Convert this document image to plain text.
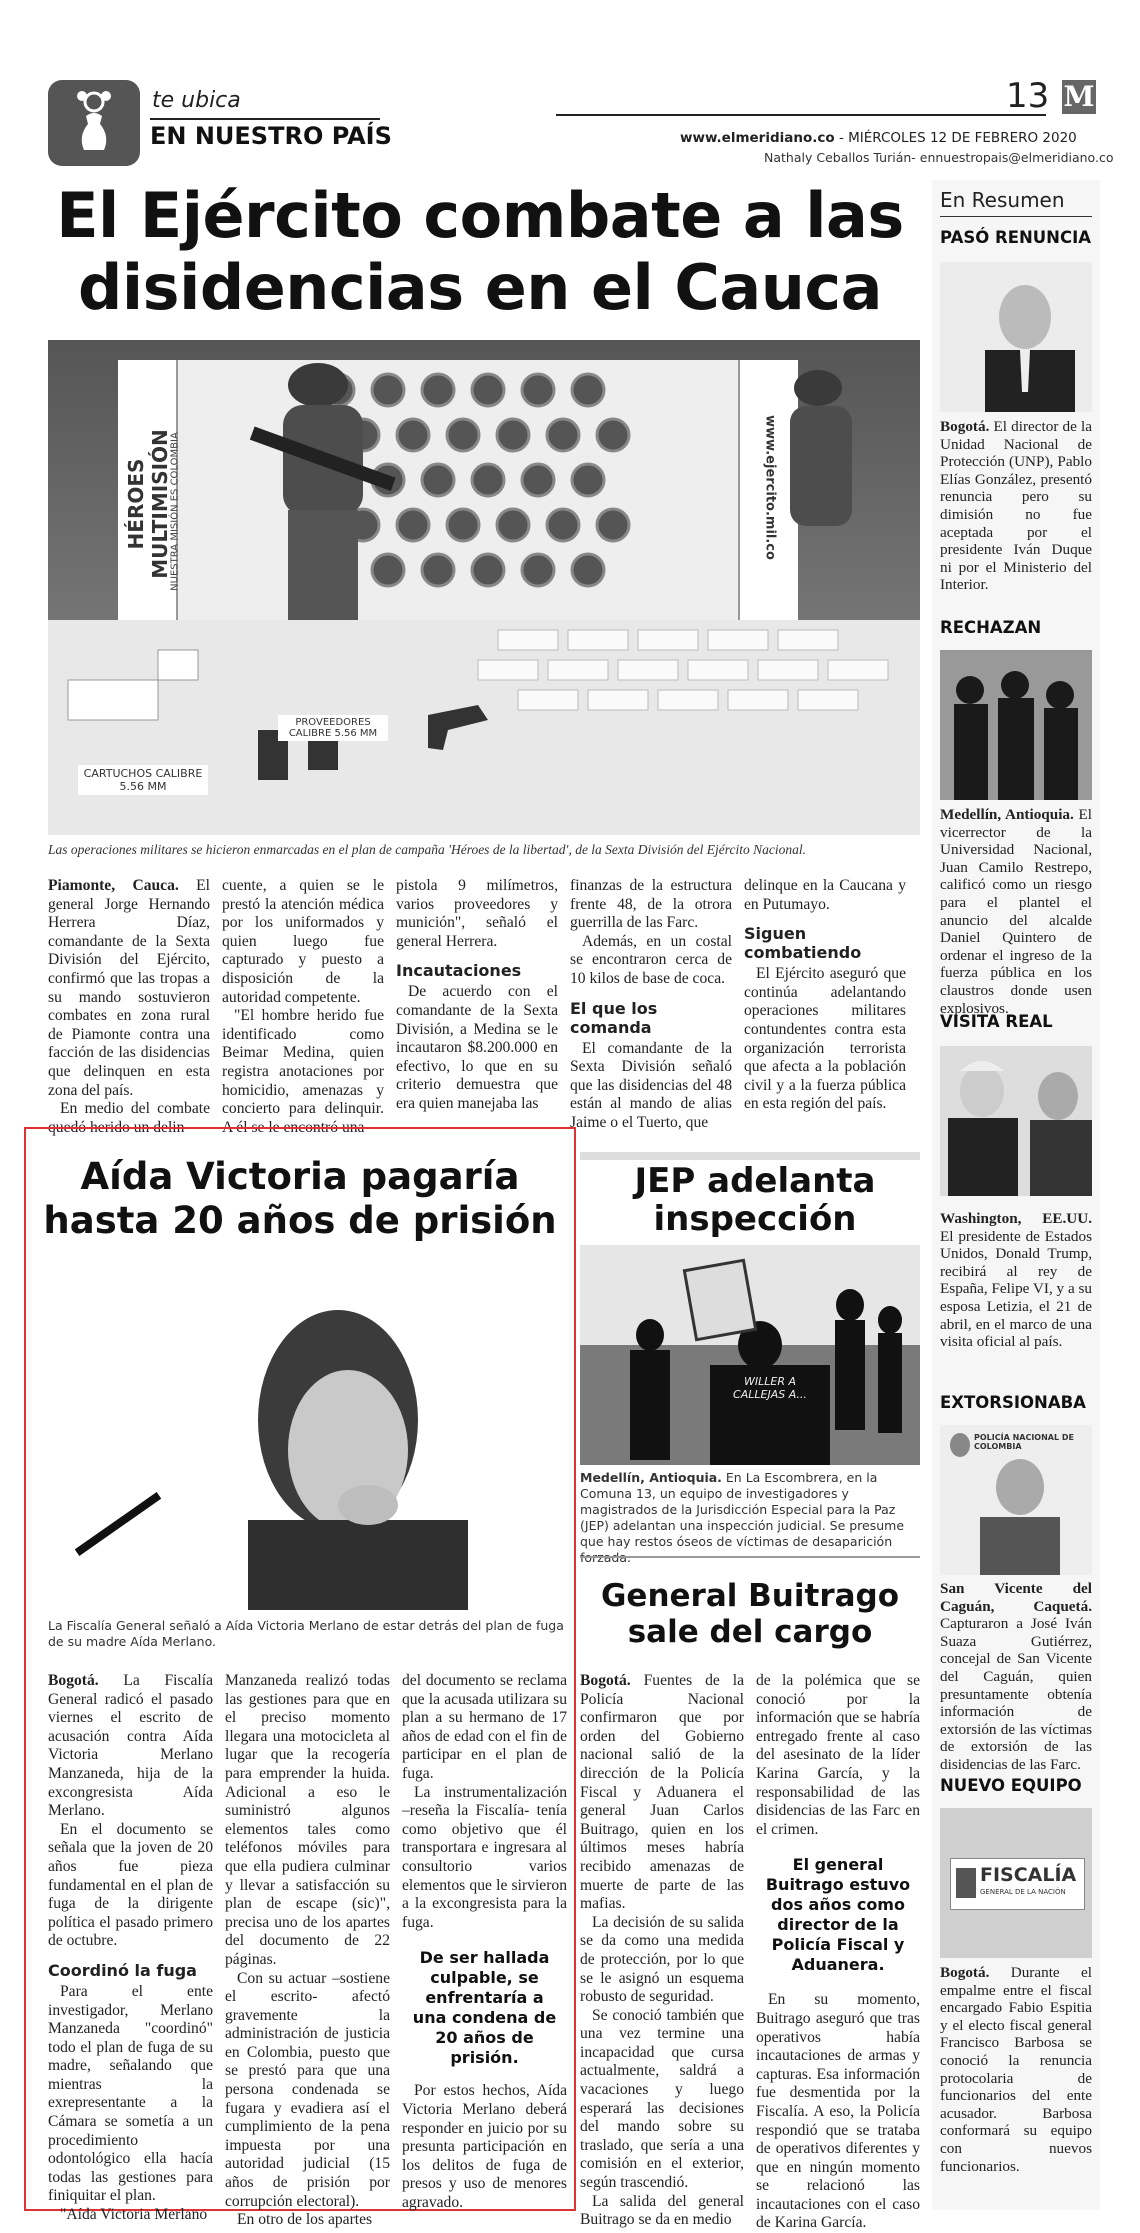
te ubica
EN NUESTRO PAÍS
13 M
www.elmeridiano.co - MIÉRCOLES 12 DE FEBRERO 2020
Nathaly Ceballos Turián- ennuestropais@elmeridiano.co
El Ejército combate a las disidencias en el Cauca
HÉROES MULTIMISIÓN
NUESTRA MISIÓN ES COLOMBIA	www.ejercito.mil.co
CARTUCHOS CALIBRE 5.56 MM
PROVEEDORES CALIBRE 5.56 MM
Las operaciones militares se hicieron enmarcadas en el plan de campaña 'Héroes de la libertad', de la Sexta División del Ejército Nacional.

Piamonte, Cauca. El general Jorge Hernando Herrera Díaz, comandante de la Sexta División del Ejército, confirmó que las tropas a su mando sostuvieron combates en zona rural de Piamonte contra una facción de las disidencias que delinquen en esta zona del país.

En medio del combate quedó herido un delin-

cuente, a quien se le prestó la atención médica por los uniformados y quien luego fue capturado y puesto a disposición de la autoridad competente.

"El hombre herido fue identificado como Beimar Medina, quien registra anotaciones por homicidio, amenazas y concierto para delinquir. A él se le encontró una

pistola 9 milímetros, varios proveedores y munición", señaló el general Herrera.

Incautaciones

De acuerdo con el comandante de la Sexta División, a Medina se le incautaron $8.200.000 en efectivo, lo que en su criterio demuestra que era quien manejaba las

finanzas de la estructura frente 48, de la otrora guerrilla de las Farc.

Además, en un costal se encontraron cerca de 10 kilos de base de coca.

El que los comanda

El comandante de la Sexta División señaló que las disidencias del 48 están al mando de alias Jaime o el Tuerto, que

delinque en la Caucana y en Putumayo.

Siguen combatiendo

El Ejército aseguró que continúa adelantando operaciones militares contundentes contra esta organización terrorista que afecta a la población civil y a la fuerza pública en esta región del país.

Aída Victoria pagaría hasta 20 años de prisión
La Fiscalía General señaló a Aída Victoria Merlano de estar detrás del plan de fuga de su madre Aída Merlano.

Bogotá. La Fiscalía General radicó el pasado viernes el escrito de acusación contra Aída Victoria Merlano Manzaneda, hija de la excongresista Aída Merlano.

En el documento se señala que la joven de 20 años fue pieza fundamental en el plan de fuga de la dirigente política el pasado primero de octubre.

Coordinó la fuga

Para el ente investigador, Merlano Manzaneda "coordinó" todo el plan de fuga de su madre, señalando que mientras la exrepresentante a la Cámara se sometía a un procedimiento odontológico ella hacía todas las gestiones para finiquitar el plan.

"Aída Victoria Merlano

Manzaneda realizó todas las gestiones para que en el preciso momento llegara una motocicleta al lugar que la recogería para emprender la huida. Adicional a eso le suministró algunos elementos tales como teléfonos móviles para que ella pudiera culminar y llevar a satisfacción su plan de escape (sic)", precisa uno de los apartes del documento de 22 páginas.

Con su actuar –sostiene el escrito- afectó gravemente la administración de justicia en Colombia, puesto que se prestó para que una persona condenada se fugara y evadiera así el cumplimiento de la pena impuesta por una autoridad judicial (15 años de prisión por corrupción electoral).

En otro de los apartes

del documento se reclama que la acusada utilizara su plan a su hermano de 17 años de edad con el fin de participar en el plan de fuga.

La instrumentalización –reseña la Fiscalía- tenía como objetivo que él transportara e ingresara al consultorio varios elementos que le sirvieron a la excongresista para la fuga.

De ser hallada culpable, se enfrentaría a una condena de 20 años de prisión.

Por estos hechos, Aída Victoria Merlano deberá responder en juicio por su presunta participación en los delitos de fuga de presos y uso de menores agravado.

JEP adelanta inspección
WILLER A CALLEJAS A...
Medellín, Antioquia. En La Escombrera, en la Comuna 13, un equipo de investigadores y magistrados de la Jurisdicción Especial para la Paz (JEP) adelantan una inspección judicial. Se presume que hay restos óseos de víctimas de desaparición
General Buitrago sale del cargo

Bogotá. Fuentes de la Policía Nacional confirmaron que por orden del Gobierno nacional salió de la dirección de la Policía Fiscal y Aduanera el general Juan Carlos Buitrago, quien en los últimos meses habría recibido amenazas de muerte de parte de las mafias.

La decisión de su salida se da como una medida de protección, por lo que se le asignó un esquema robusto de seguridad.

Se conoció también que una vez termine una incapacidad que cursa actualmente, saldrá a vacaciones y luego esperará las decisiones del mando sobre su traslado, que sería a una comisión en el exterior, según trascendió.

La salida del general Buitrago se da en medio

de la polémica que se conoció por la información que se habría entregado frente al caso del asesinato de la líder Karina García, y la responsabilidad de las disidencias de las Farc en el crimen.

El general Buitrago estuvo dos años como director de la Policía Fiscal y Aduanera.

En su momento, Buitrago aseguró que tras operativos había incautaciones de armas y capturas. Esa información fue desmentida por la Fiscalía. A eso, la Policía respondió que se trataba de operativos diferentes y que en ningún momento se relacionó las incautaciones con el caso de Karina García.

En Resumen
PASÓ RENUNCIA
Bogotá. El director de la Unidad Nacional de Protección (UNP), Pablo Elías González, presentó renuncia pero su dimisión no fue aceptada por el presidente Iván Duque ni por el Ministerio del Interior.
RECHAZAN
Medellín, Antioquia. El vicerrector de la Universidad Nacional, Juan Camilo Restrepo, calificó como un riesgo para el plantel el anuncio del alcalde Daniel Quintero de ordenar el ingreso de la fuerza pública en los claustros donde usen explosivos.
VISITA REAL
Washington, EE.UU. El presidente de Estados Unidos, Donald Trump, recibirá al rey de España, Felipe VI, y a su esposa Letizia, el 21 de abril, en el marco de una visita oficial al país.
EXTORSIONABA
POLICÍA NACIONAL DE COLOMBIA
San Vicente del Caguán, Caquetá. Capturaron a José Iván Suaza Gutiérrez, concejal de San Vicente del Caguán, quien presuntamente obtenía información de extorsión de las víctimas de extorsión de las disidencias de las Farc.
NUEVO EQUIPO
FISCALÍA
GENERAL DE LA NACIÓN
Bogotá. Durante el empalme entre el fiscal encargado Fabio Espitia y el electo fiscal general Francisco Barbosa se conoció la renuncia protocolaria de funcionarios del ente acusador. Barbosa conformará su equipo con nuevos funcionarios.
